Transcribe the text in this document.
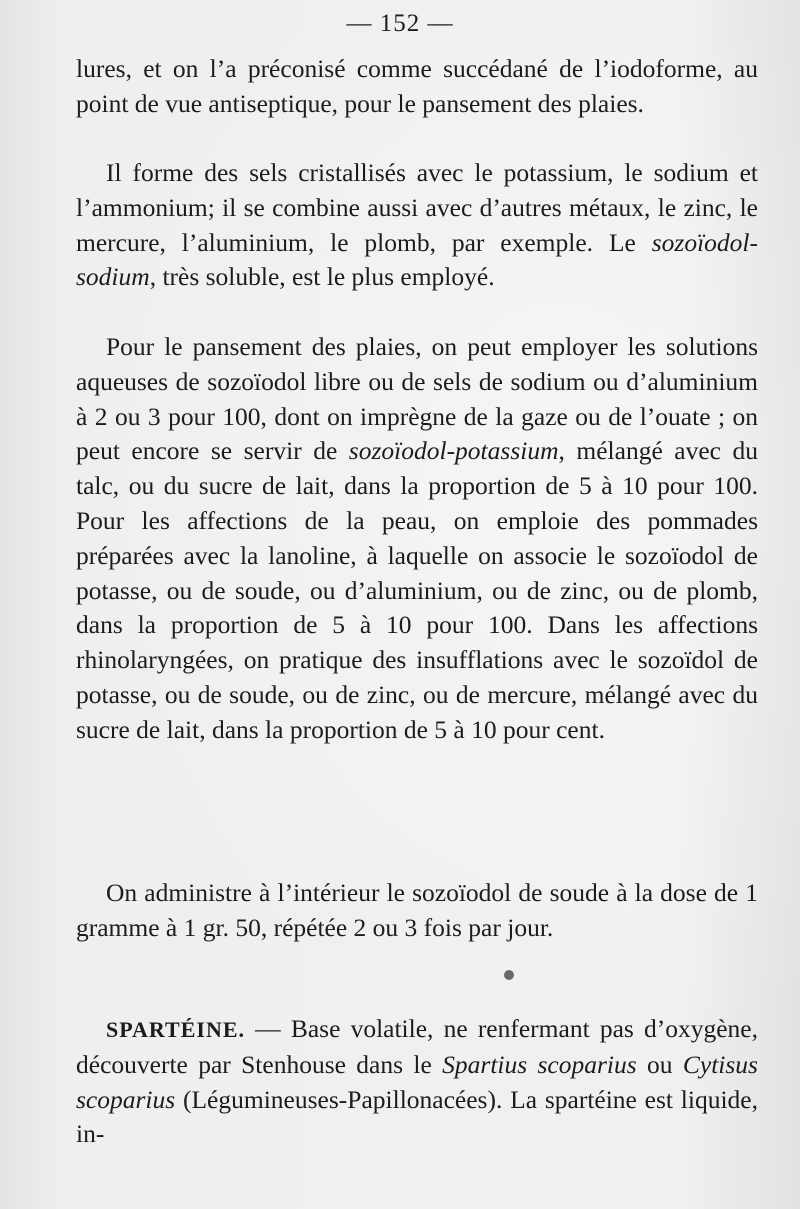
— 152 —

lures, et on l’a préconisé comme succédané de l’iodoforme, au point de vue antiseptique, pour le pansement des plaies.

Il forme des sels cristallisés avec le potassium, le sodium et l’ammonium; il se combine aussi avec d’autres métaux, le zinc, le mercure, l’aluminium, le plomb, par exemple. Le sozoïodol-sodium, très soluble, est le plus employé.

Pour le pansement des plaies, on peut employer les solutions aqueuses de sozoïodol libre ou de sels de sodium ou d’aluminium à 2 ou 3 pour 100, dont on imprègne de la gaze ou de l’ouate ; on peut encore se servir de sozoïodol-potassium, mélangé avec du talc, ou du sucre de lait, dans la proportion de 5 à 10 pour 100. Pour les affections de la peau, on emploie des pommades préparées avec la lanoline, à laquelle on associe le sozoïodol de potasse, ou de soude, ou d’aluminium, ou de zinc, ou de plomb, dans la proportion de 5 à 10 pour 100. Dans les affections rhinolaryngées, on pratique des insufflations avec le sozoïdol de potasse, ou de soude, ou de zinc, ou de mercure, mélangé avec du sucre de lait, dans la proportion de 5 à 10 pour cent.

On administre à l’intérieur le sozoïodol de soude à la dose de 1 gramme à 1 gr. 50, répétée 2 ou 3 fois par jour.

SPARTÉINE. — Base volatile, ne renfermant pas d’oxygène, découverte par Stenhouse dans le Spartius scoparius ou Cytisus scoparius (Légumineuses-Papillonacées). La spartéine est liquide, in-
